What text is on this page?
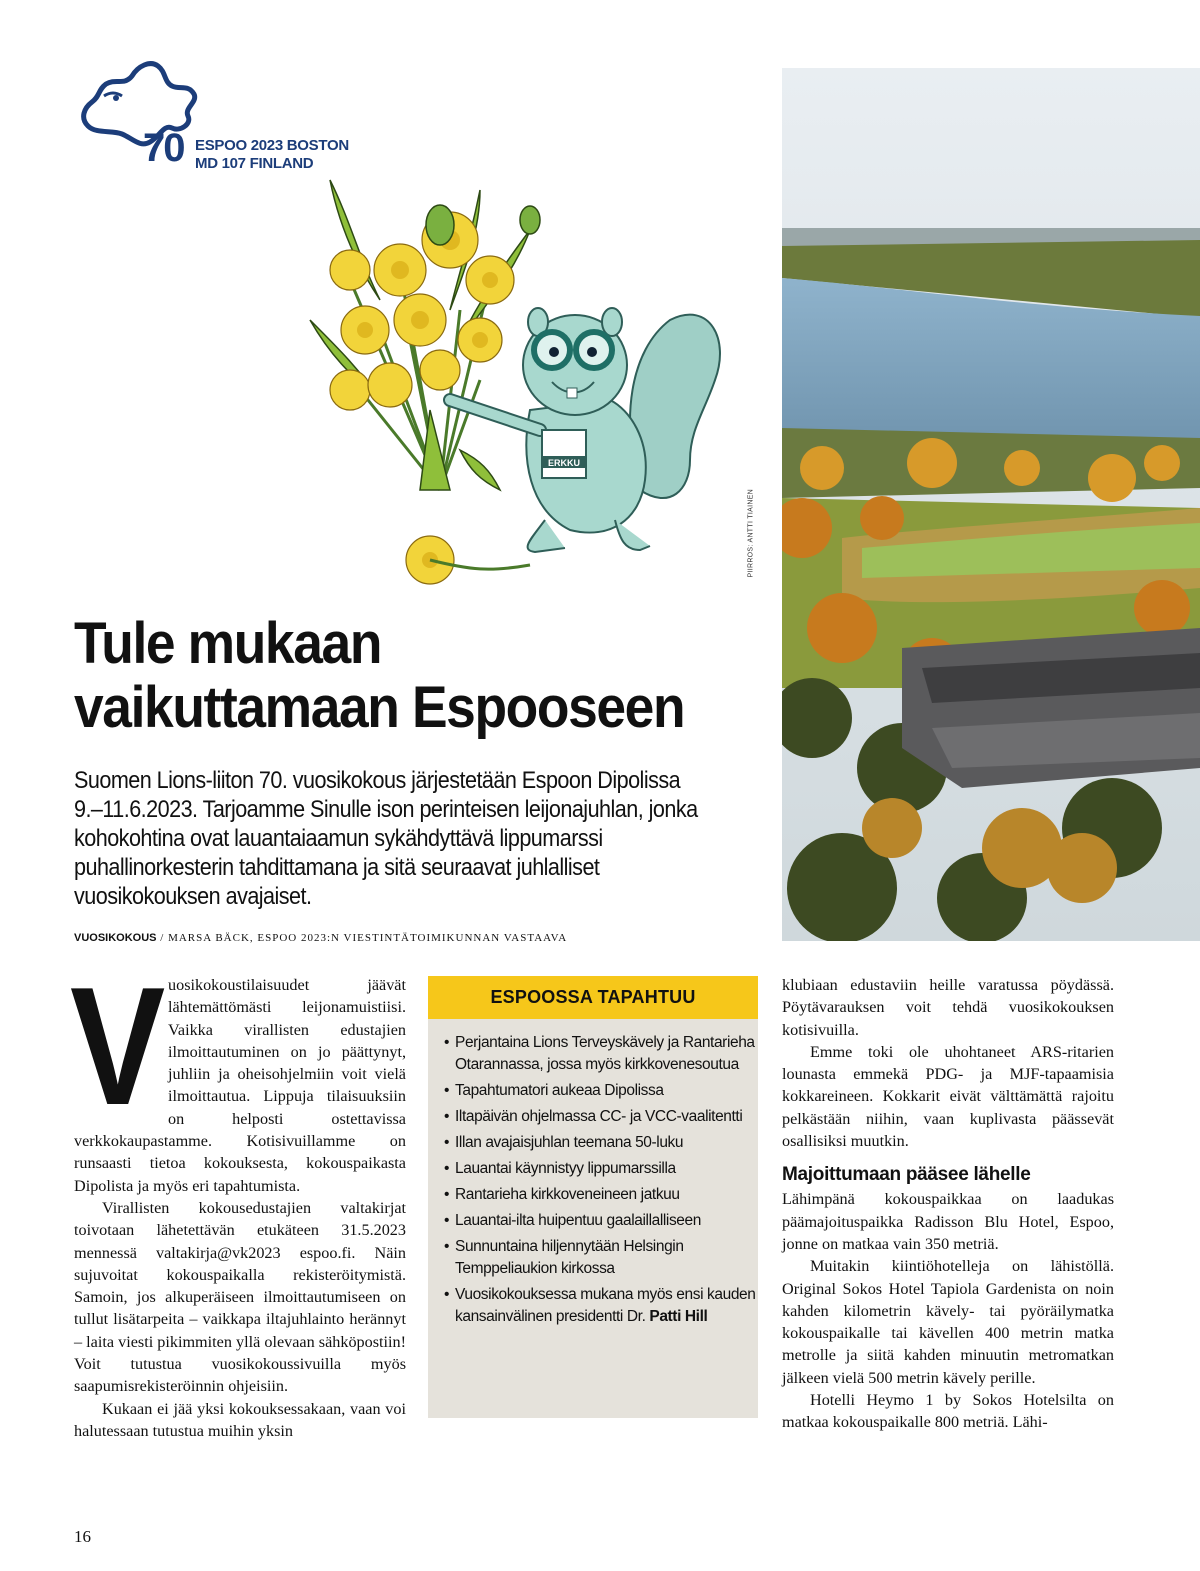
70 ESPOO 2023 BOSTON
MD 107 FINLAND
ERKKU
PIIRROS: ANTTI TIAINEN
Tule mukaan vaikuttamaan Espooseen
Suomen Lions-liiton 70. vuosikokous järjestetään Espoon Dipolissa 9.–11.6.2023. Tarjoamme Sinulle ison perinteisen leijonajuhlan, jonka kohokohtina ovat lauantaiaamun sykähdyttävä lippumarssi puhallinorkesterin tahdittamana ja sitä seuraavat juhlalliset vuosikokouksen avajaiset.
VUOSIKOKOUS / MARSA BÄCK, ESPOO 2023:N VIESTINTÄTOIMIKUNNAN VASTAAVA
V uosikokoustilaisuudet jäävät lähtemättömästi leijonamuistiisi. Vaikka virallisten edustajien ilmoittautuminen on jo päättynyt, juhliin ja oheisohjelmiin voit vielä ilmoittautua. Lippuja tilaisuuksiin on helposti ostettavissa verkkokaupastamme. Kotisivuillamme on runsaasti tietoa kokouksesta, kokouspaikasta Dipolista ja myös eri tapahtumista.

Virallisten kokousedustajien valtakirjat toivotaan lähetettävän etukäteen 31.5.2023 mennessä valtakirja@vk2023 espoo.fi. Näin sujuvoitat kokouspaikalla rekisteröitymistä. Samoin, jos alkuperäiseen ilmoittautumiseen on tullut lisätarpeita – vaikkapa iltajuhlainto herännyt – laita viesti pikimmiten yllä olevaan sähköpostiin! Voit tutustua vuosikokoussivuilla myös saapumisrekisteröinnin ohjeisiin.

Kukaan ei jää yksi kokouksessakaan, vaan voi halutessaan tutustua muihin yksin

ESPOOSSA TAPAHTUU
• Perjantaina Lions Terveyskävely ja Rantarieha Otarannassa, jossa myös kirkkovenesoutua
• Tapahtumatori aukeaa Dipolissa
• Iltapäivän ohjelmassa CC- ja VCC-vaalitentti
• Illan avajaisjuhlan teemana 50-luku
• Lauantai käynnistyy lippumarssilla
• Rantarieha kirkkoveneineen jatkuu
• Lauantai-ilta huipentuu gaalaillalliseen
• Sunnuntaina hiljennytään Helsingin Temppeliaukion kirkossa
• Vuosikokouksessa mukana myös ensi kauden kansainvälinen presidentti Dr. Patti Hill

klubiaan edustaviin heille varatussa pöydässä. Pöytävarauksen voit tehdä vuosikokouksen kotisivuilla.

Emme toki ole uhohtaneet ARS-ritarien lounasta emmekä PDG- ja MJF-tapaamisia kokkareineen. Kokkarit eivät välttämättä rajoitu pelkästään niihin, vaan kuplivasta päässevät osallisiksi muutkin.

Majoittumaan pääsee lähelle

Lähimpänä kokouspaikkaa on laadukas päämajoituspaikka Radisson Blu Hotel, Espoo, jonne on matkaa vain 350 metriä.

Muitakin kiintiöhotelleja on lähistöllä. Original Sokos Hotel Tapiola Gardenista on noin kahden kilometrin kävely- tai pyöräilymatka kokouspaikalle tai kävellen 400 metrin matka metrolle ja siitä kahden minuutin metromatkan jälkeen vielä 500 metrin kävely perille.

Hotelli Heymo 1 by Sokos Hotelsilta on matkaa kokouspaikalle 800 metriä. Lähi-

16
